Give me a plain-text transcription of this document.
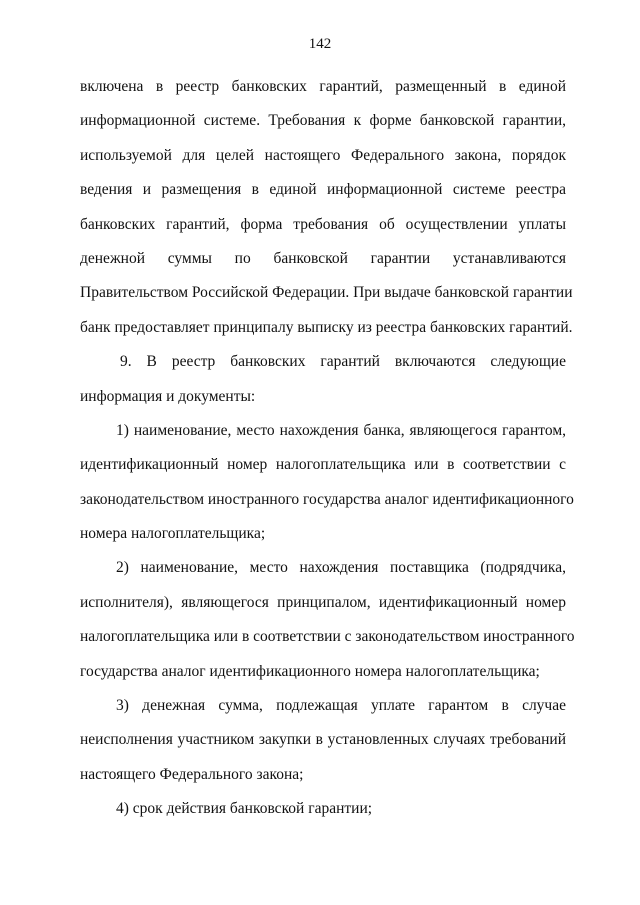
142
включена в реестр банковских гарантий, размещенный в единой
информационной системе. Требования к форме банковской гарантии,
используемой для целей настоящего Федерального закона, порядок
ведения и размещения в единой информационной системе реестра
банковских гарантий, форма требования об осуществлении уплаты
денежной суммы по банковской гарантии устанавливаются
Правительством Российской Федерации. При выдаче банковской гарантии
банк предоставляет принципалу выписку из реестра банковских гарантий.
9. В реестр банковских гарантий включаются следующие
информация и документы:
1) наименование, место нахождения банка, являющегося гарантом,
идентификационный номер налогоплательщика или в соответствии с
законодательством иностранного государства аналог идентификационного
номера налогоплательщика;
2) наименование, место нахождения поставщика (подрядчика,
исполнителя), являющегося принципалом, идентификационный номер
налогоплательщика или в соответствии с законодательством иностранного
государства аналог идентификационного номера налогоплательщика;
3) денежная сумма, подлежащая уплате гарантом в случае
неисполнения участником закупки в установленных случаях требований
настоящего Федерального закона;
4) срок действия банковской гарантии;
